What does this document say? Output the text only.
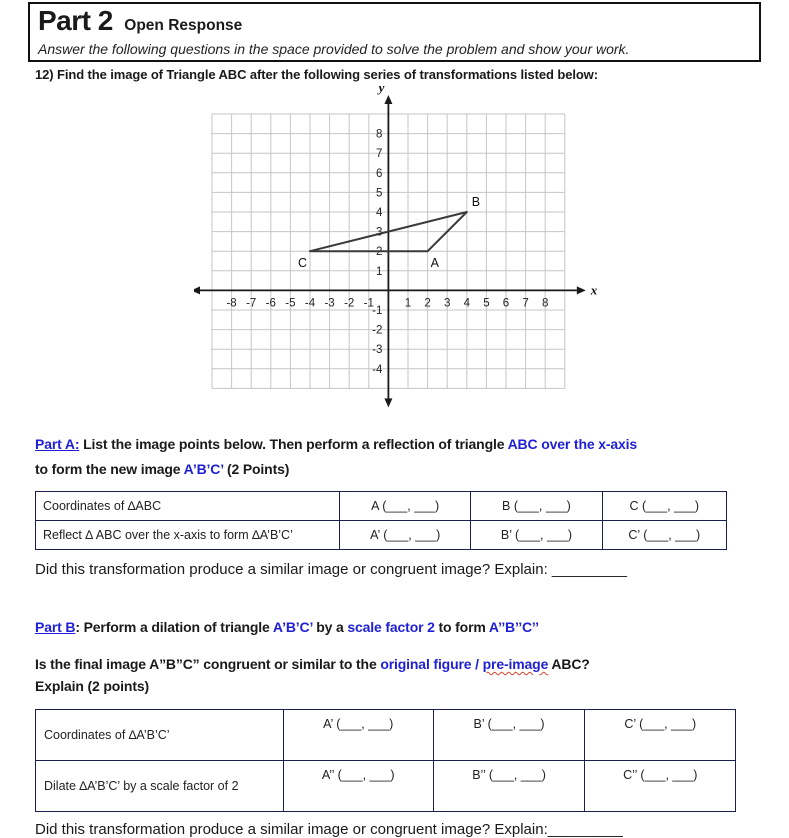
Part 2 Open Response
Answer the following questions in the space provided to solve the problem and show your work.
12) Find the image of Triangle ABC after the following series of transformations listed below:
-8 -7 -6 -5 -4 -3 -2 -1	1 2 3 4 5 6 7 8
8
7
6
5
4
3
2
1
-1
-2
-3
-4
x
y
A
B
C
Part A: List the image points below. Then perform a reflection of triangle ABC over the x-axis
to form the new image A’B’C’ (2 Points)
Coordinates of ∆ABC	A (___, ___)	B (___, ___)	C (___, ___)
Reflect ∆ ABC over the x-axis to form ∆A’B’C’	A’ (___, ___)	B’ (___, ___)	C’ (___, ___)
Did this transformation produce a similar image or congruent image? Explain: _________
Part B: Perform a dilation of triangle A’B’C’ by a scale factor 2 to form A’’B’’C’’
Is the final image A”B”C” congruent or similar to the original figure / pre-image ABC?
Explain (2 points)
Coordinates of ∆A’B’C’	A’ (___, ___)	B’ (___, ___)	C’ (___, ___)
Dilate ∆A’B’C’ by a scale factor of 2	A’’ (___, ___)	B’’ (___, ___)	C’’ (___, ___)
Did this transformation produce a similar image or congruent image? Explain:_________
